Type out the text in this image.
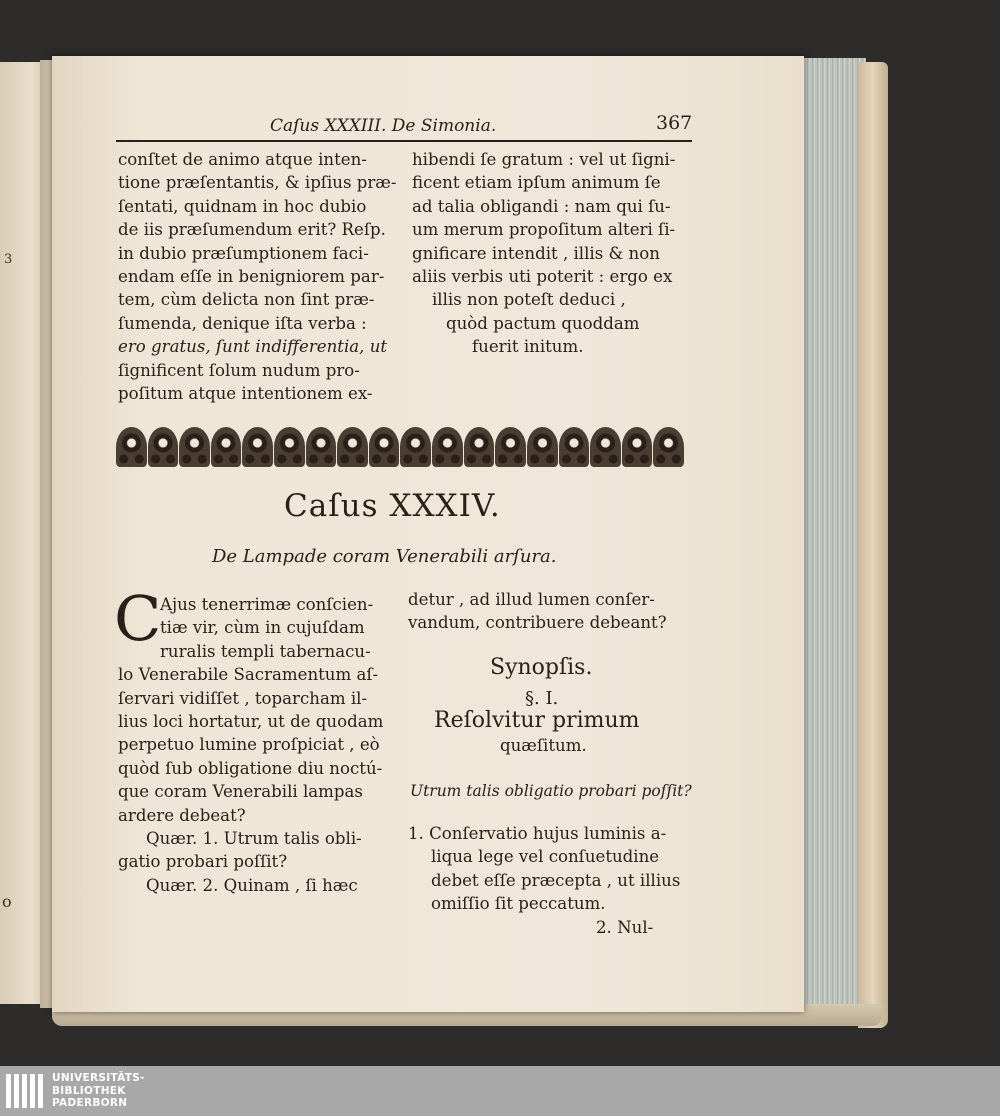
3
o
Caſus XXXIII. De Simonia.	367
conſtet de animo atque inten-
tione præſentantis, & ipſius præ-
ſentati, quidnam in hoc dubio
de iis præſumendum erit? Reſp.
in dubio præſumptionem faci-
endam eſſe in benigniorem par-
tem, cùm delicta non ſint præ-
ſumenda, denique iſta verba :
ero gratus, ſunt indifferentia, ut
ſignificent ſolum nudum pro-
poſitum atque intentionem ex-
hibendi ſe gratum : vel ut ſigni-
ficent etiam ipſum animum ſe
ad talia obligandi : nam qui ſu-
um merum propoſitum alteri ſi-
gnificare intendit , illis & non
aliis verbis uti poterit : ergo ex
illis non poteſt deduci ,
quòd pactum quoddam
fuerit initum.
Caſus XXXIV.
De Lampade coram Venerabili arſura.
C
Ajus tenerrimæ conſcien-
tiæ vir, cùm in cujuſdam
ruralis templi tabernacu-
lo Venerabile Sacramentum aſ-
ſervari vidiſſet , toparcham il-
lius loci hortatur, ut de quodam
perpetuo lumine proſpiciat , eò
quòd ſub obligatione diu noctú-
que coram Venerabili lampas
ardere debeat?
Quær. 1. Utrum talis obli-
gatio probari poſſit?
Quær. 2. Quinam , ſi hæc
detur , ad illud lumen conſer-
vandum, contribuere debeant?
Synopſis.
§. I.
Reſolvitur primum
quæſitum.
Utrum talis obligatio probari poſſit?
1. Conſervatio hujus luminis a-
liqua lege vel conſuetudine
debet eſſe præcepta , ut illius
omiſſio ſit peccatum.
2. Nul-
UNIVERSITÄTS-
BIBLIOTHEK
PADERBORN
